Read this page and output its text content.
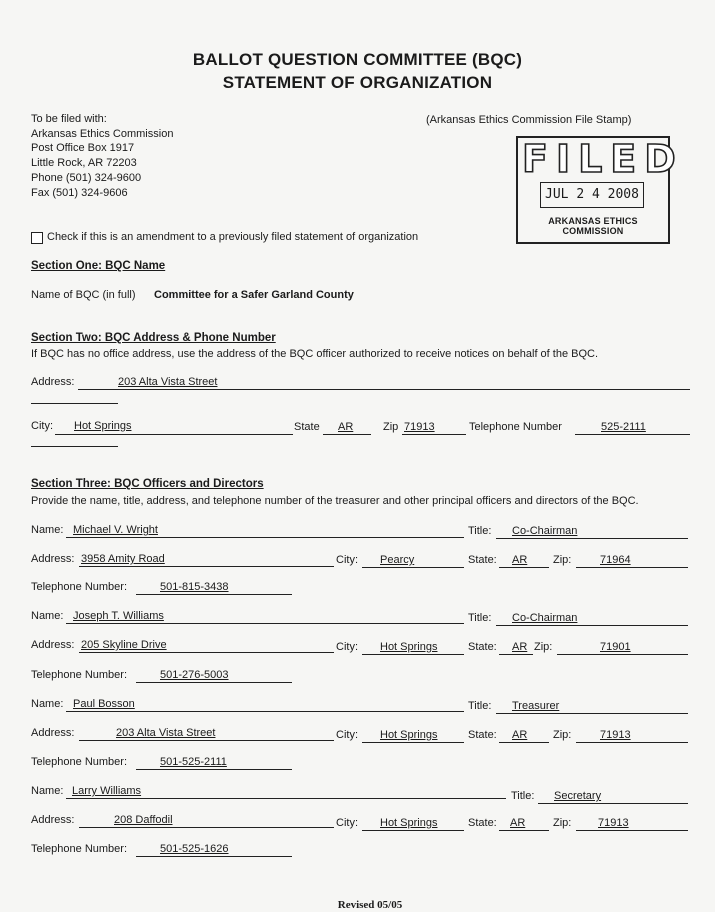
BALLOT QUESTION COMMITTEE (BQC)
STATEMENT OF ORGANIZATION
To be filed with:
Arkansas Ethics Commission
Post Office Box 1917
Little Rock, AR 72203
Phone (501) 324-9600
Fax (501) 324-9606
(Arkansas Ethics Commission File Stamp)
FILED
JUL 2 4 2008
ARKANSAS ETHICS COMMISSION
Check if this is an amendment to a previously filed statement of organization
Section One: BQC Name
Name of BQC (in full) Committee for a Safer Garland County
Section Two: BQC Address & Phone Number
If BQC has no office address, use the address of the BQC officer authorized to receive notices on behalf of the BQC.
Address:	203 Alta Vista Street
City: Hot Springs	State AR	Zip 71913	Telephone Number	525-2111
Section Three: BQC Officers and Directors
Provide the name, title, address, and telephone number of the treasurer and other principal officers and directors of the BQC.
Name: Michael V. Wright	Title: Co-Chairman
Address: 3958 Amity Road	City: Pearcy	State: AR Zip:	71964
Telephone Number:	501-815-3438
Name: Joseph T. Williams	Title: Co-Chairman
Address: 205 Skyline Drive	City: Hot Springs	State: AR Zip:	71901
Telephone Number:	501-276-5003
Name: Paul Bosson	Title: Treasurer
Address:	203 Alta Vista Street	City: Hot Springs	State: AR Zip:	71913
Telephone Number:	501-525-2111
Name: Larry Williams	Title: Secretary
Address:	208 Daffodil	City: Hot Springs	State: AR	Zip: 71913
Telephone Number:	501-525-1626
Revised 05/05
